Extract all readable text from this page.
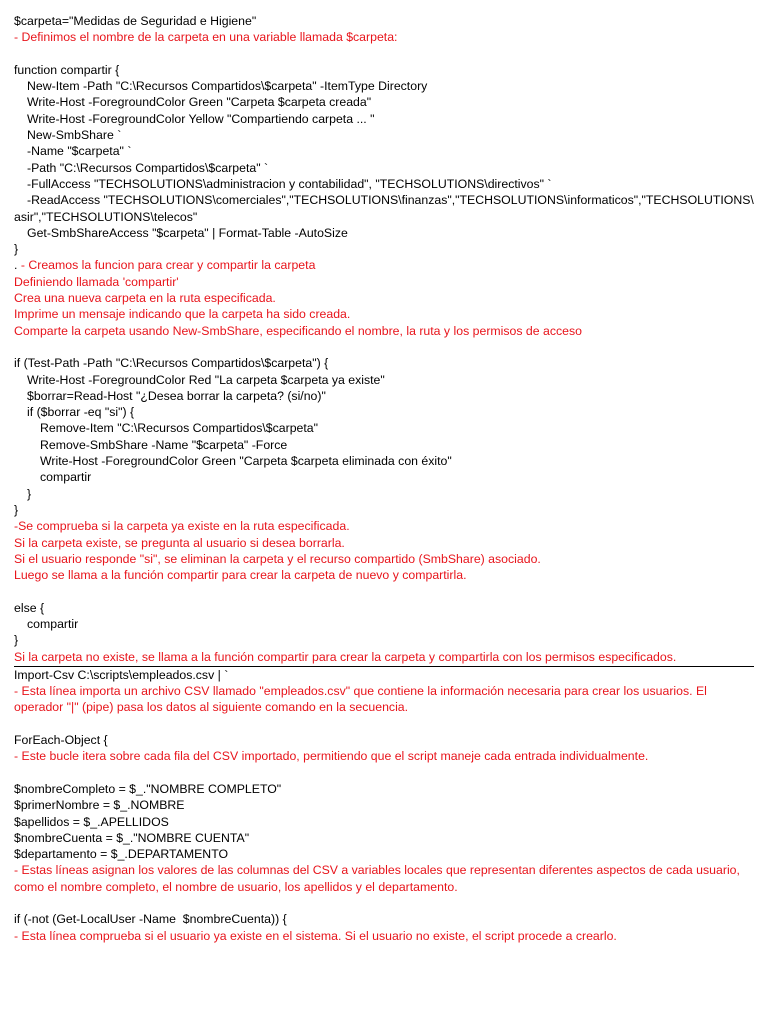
$carpeta="Medidas de Seguridad e Higiene"
- Definimos el nombre de la carpeta en una variable llamada $carpeta:
function compartir {
New-Item -Path "C:\Recursos Compartidos\$carpeta" -ItemType Directory
Write-Host -ForegroundColor Green "Carpeta $carpeta creada"
Write-Host -ForegroundColor Yellow "Compartiendo carpeta ... "
New-SmbShare `
-Name "$carpeta" `
-Path "C:\Recursos Compartidos\$carpeta" `
-FullAccess "TECHSOLUTIONS\administracion y contabilidad", "TECHSOLUTIONS\directivos" `
-ReadAccess "TECHSOLUTIONS\comerciales","TECHSOLUTIONS\finanzas","TECHSOLUTIONS\informaticos","TECHSOLUTIONS\
asir","TECHSOLUTIONS\telecos"
Get-SmbShareAccess "$carpeta" | Format-Table -AutoSize
}
. - Creamos la funcion para crear y compartir la carpeta
Definiendo llamada 'compartir'
Crea una nueva carpeta en la ruta especificada.
Imprime un mensaje indicando que la carpeta ha sido creada.
Comparte la carpeta usando New-SmbShare, especificando el nombre, la ruta y los permisos de acceso
if (Test-Path -Path "C:\Recursos Compartidos\$carpeta") {
Write-Host -ForegroundColor Red "La carpeta $carpeta ya existe"
$borrar=Read-Host "¿Desea borrar la carpeta? (si/no)"
if ($borrar -eq "si") {
Remove-Item "C:\Recursos Compartidos\$carpeta"
Remove-SmbShare -Name "$carpeta" -Force
Write-Host -ForegroundColor Green "Carpeta $carpeta eliminada con éxito"
compartir
}
}
-Se comprueba si la carpeta ya existe en la ruta especificada.
Si la carpeta existe, se pregunta al usuario si desea borrarla.
Si el usuario responde "si", se eliminan la carpeta y el recurso compartido (SmbShare) asociado.
Luego se llama a la función compartir para crear la carpeta de nuevo y compartirla.
else {
compartir
}
Si la carpeta no existe, se llama a la función compartir para crear la carpeta y compartirla con los permisos especificados.
Import-Csv C:\scripts\empleados.csv | `
- Esta línea importa un archivo CSV llamado "empleados.csv" que contiene la información necesaria para crear los usuarios. El operador "|" (pipe) pasa los datos al siguiente comando en la secuencia.
ForEach-Object {
- Este bucle itera sobre cada fila del CSV importado, permitiendo que el script maneje cada entrada individualmente.
$nombreCompleto = $_."NOMBRE COMPLETO"
$primerNombre = $_.NOMBRE
$apellidos = $_.APELLIDOS
$nombreCuenta = $_."NOMBRE CUENTA"
$departamento = $_.DEPARTAMENTO
- Estas líneas asignan los valores de las columnas del CSV a variables locales que representan diferentes aspectos de cada usuario, como el nombre completo, el nombre de usuario, los apellidos y el departamento.
if (-not (Get-LocalUser -Name  $nombreCuenta)) {
- Esta línea comprueba si el usuario ya existe en el sistema. Si el usuario no existe, el script procede a crearlo.
